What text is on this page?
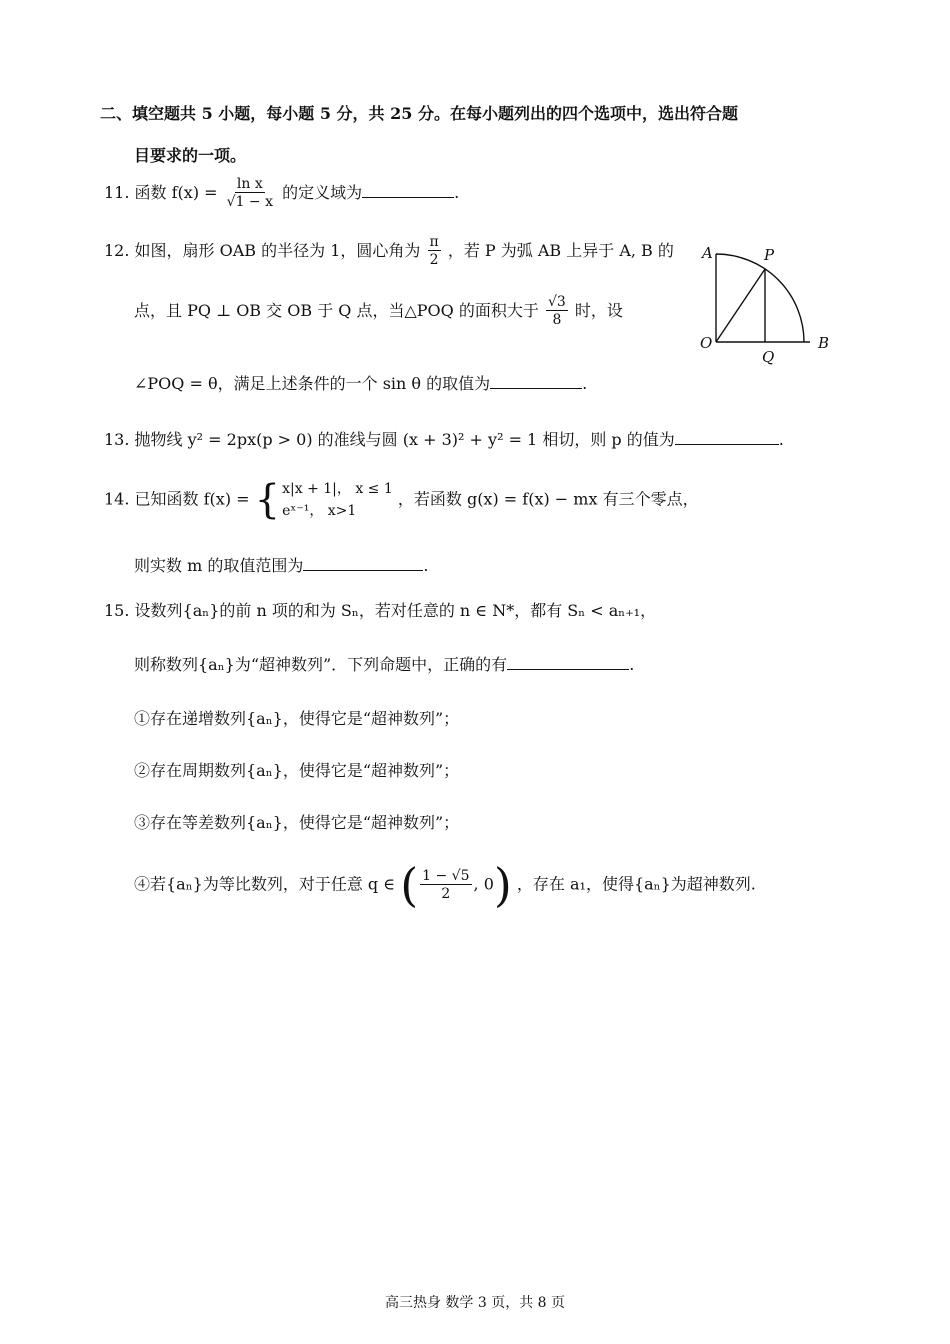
二、填空题共 5 小题，每小题 5 分，共 25 分。在每小题列出的四个选项中，选出符合题
目要求的一项。
11. 函数 $f(x) = \frac{\text{ln x}}{√1 - x}$ 的定义域为	.
12. 如图，扇形 OAB 的半径为 1，圆心角为 $\frac{\pi}{2}$ ，若 P 为弧 AB 上异于 A, B 的
点，且 PQ ⊥ OB 交 OB 于 Q 点，当△POQ 的面积大于 $\frac{√3}{8}$ 时，设
∠POQ = θ，满足上述条件的一个 sin θ 的取值为	.
A	P
O
Q
B
13. 抛物线 y² = 2px(p > 0) 的准线与圆 (x + 3)² + y² = 1 相切，则 p 的值为	.
14. 已知函数 f(x) = { x|x + 1|， x ≤ 1
eˣ⁻¹， x>1
，若函数 g(x) = f(x) − mx 有三个零点，
则实数 m 的取值范围为	.
15. 设数列{aₙ}的前 n 项的和为 Sₙ，若对任意的 n ∈ N*，都有 Sₙ < aₙ₊₁，
则称数列{aₙ}为“超神数列”．下列命题中，正确的有	.
①存在递增数列{aₙ}，使得它是“超神数列”；
②存在周期数列{aₙ}，使得它是“超神数列”；
③存在等差数列{aₙ}，使得它是“超神数列”；
④若{aₙ}为等比数列，对于任意 q ∈ ( $\frac{1 - √5}{2}$ , 0) ，存在 a₁，使得{aₙ}为超神数列.
高三热身 数学 3 页，共 8 页
